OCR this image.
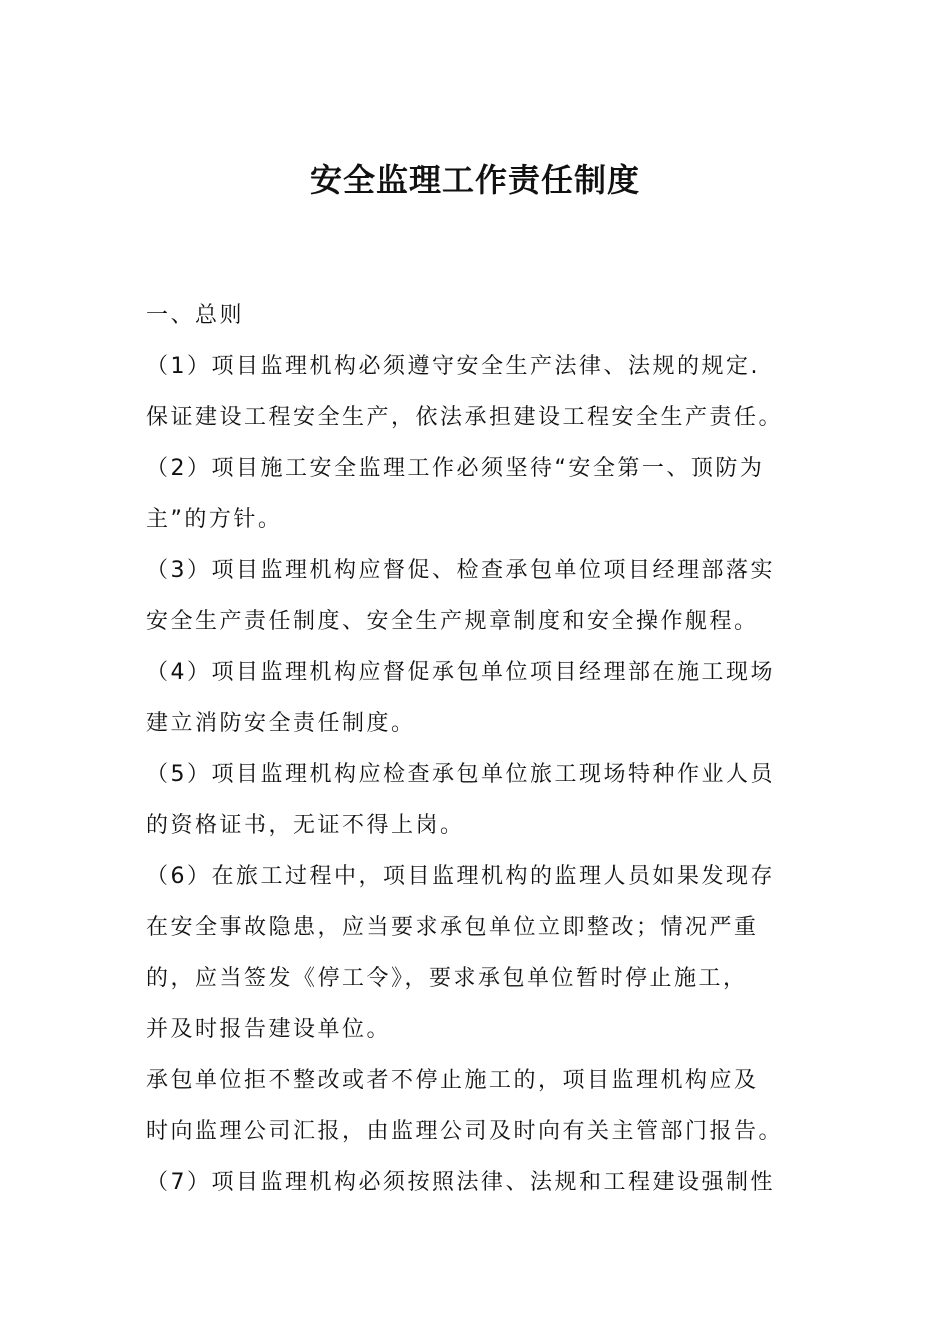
安全监理工作责任制度
一、总则
（1）项目监理机构必须遵守安全生产法律、法规的规定.
保证建设工程安全生产，依法承担建设工程安全生产责任。
（2）项目施工安全监理工作必须坚待“安全第一、顶防为
主”的方针。
（3）项目监理机构应督促、检查承包单位项目经理部落实
安全生产责任制度、安全生产规章制度和安全操作舰程。
（4）项目监理机构应督促承包单位项目经理部在施工现场
建立消防安全责任制度。
（5）项目监理机构应检查承包单位旅工现场特种作业人员
的资格证书，无证不得上岗。
（6）在旅工过程中，项目监理机构的监理人员如果发现存
在安全事故隐患，应当要求承包单位立即整改；情况严重
的，应当签发《停工令》，要求承包单位暂时停止施工，
并及时报告建设单位。
承包单位拒不整改或者不停止施工的，项目监理机构应及
时向监理公司汇报，由监理公司及时向有关主管部门报告。
（7）项目监理机构必须按照法律、法规和工程建设强制性
